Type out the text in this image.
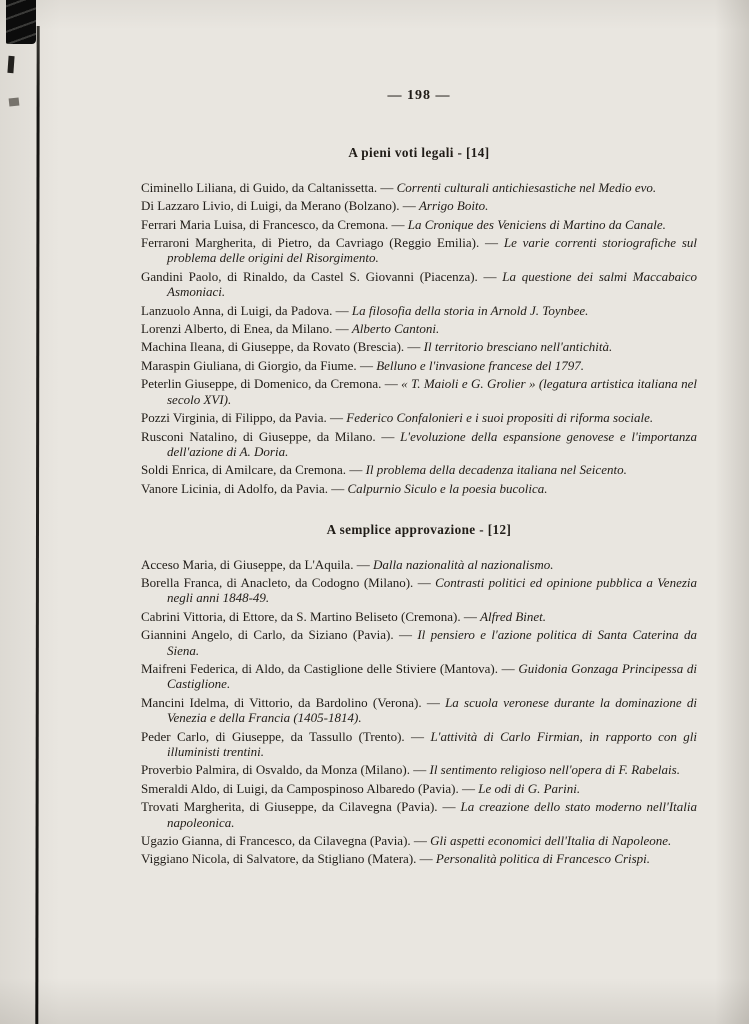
— 198 —

A pieni voti legali - [14]

Ciminello Liliana, di Guido, da Caltanissetta. — Correnti culturali antichiesastiche nel Medio evo.

Di Lazzaro Livio, di Luigi, da Merano (Bolzano). — Arrigo Boito.

Ferrari Maria Luisa, di Francesco, da Cremona. — La Cronique des Veniciens di Martino da Canale.

Ferraroni Margherita, di Pietro, da Cavriago (Reggio Emilia). — Le varie correnti storiografiche sul problema delle origini del Risorgimento.

Gandini Paolo, di Rinaldo, da Castel S. Giovanni (Piacenza). — La questione dei salmi Maccabaico Asmoniaci.

Lanzuolo Anna, di Luigi, da Padova. — La filosofia della storia in Arnold J. Toynbee.

Lorenzi Alberto, di Enea, da Milano. — Alberto Cantoni.

Machina Ileana, di Giuseppe, da Rovato (Brescia). — Il territorio bresciano nell'antichità.

Maraspin Giuliana, di Giorgio, da Fiume. — Belluno e l'invasione francese del 1797.

Peterlin Giuseppe, di Domenico, da Cremona. — « T. Maioli e G. Grolier » (legatura artistica italiana nel secolo XVI).

Pozzi Virginia, di Filippo, da Pavia. — Federico Confalonieri e i suoi propositi di riforma sociale.

Rusconi Natalino, di Giuseppe, da Milano. — L'evoluzione della espansione genovese e l'importanza dell'azione di A. Doria.

Soldi Enrica, di Amilcare, da Cremona. — Il problema della decadenza italiana nel Seicento.

Vanore Licinia, di Adolfo, da Pavia. — Calpurnio Siculo e la poesia bucolica.

A semplice approvazione - [12]

Acceso Maria, di Giuseppe, da L'Aquila. — Dalla nazionalità al nazionalismo.

Borella Franca, di Anacleto, da Codogno (Milano). — Contrasti politici ed opinione pubblica a Venezia negli anni 1848-49.

Cabrini Vittoria, di Ettore, da S. Martino Beliseto (Cremona). — Alfred Binet.

Giannini Angelo, di Carlo, da Siziano (Pavia). — Il pensiero e l'azione politica di Santa Caterina da Siena.

Maifreni Federica, di Aldo, da Castiglione delle Stiviere (Mantova). — Guidonia Gonzaga Principessa di Castiglione.

Mancini Idelma, di Vittorio, da Bardolino (Verona). — La scuola veronese durante la dominazione di Venezia e della Francia (1405-1814).

Peder Carlo, di Giuseppe, da Tassullo (Trento). — L'attività di Carlo Firmian, in rapporto con gli illuministi trentini.

Proverbio Palmira, di Osvaldo, da Monza (Milano). — Il sentimento religioso nell'opera di F. Rabelais.

Smeraldi Aldo, di Luigi, da Campospinoso Albaredo (Pavia). — Le odi di G. Parini.

Trovati Margherita, di Giuseppe, da Cilavegna (Pavia). — La creazione dello stato moderno nell'Italia napoleonica.

Ugazio Gianna, di Francesco, da Cilavegna (Pavia). — Gli aspetti economici dell'Italia di Napoleone.

Viggiano Nicola, di Salvatore, da Stigliano (Matera). — Personalità politica di Francesco Crispi.
